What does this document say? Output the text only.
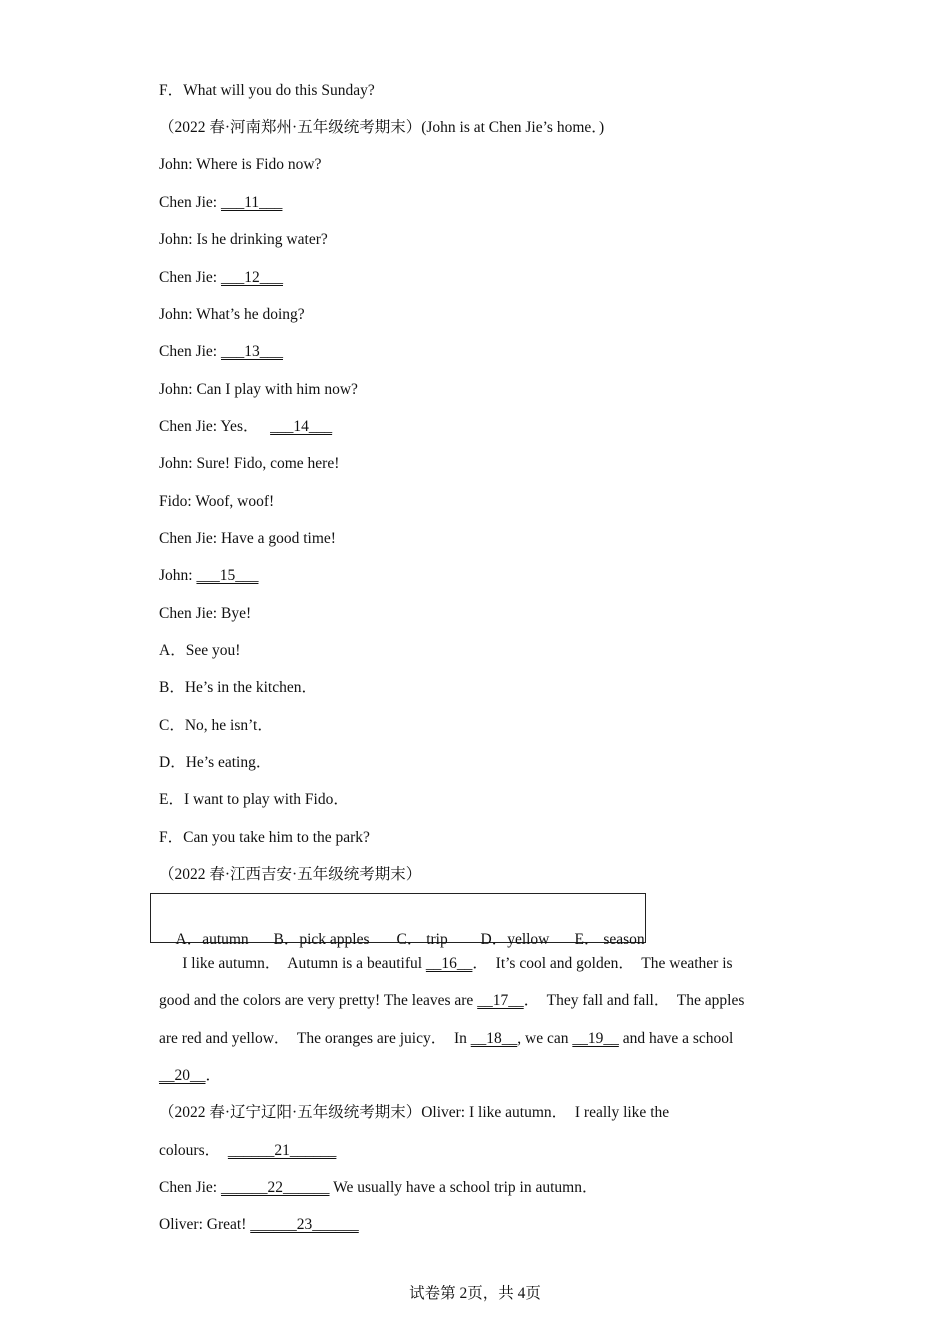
F．What will you do this Sunday?
（2022 春·河南郑州·五年级统考期末）(John is at Chen Jie’s home．)
John: Where is Fido now?
Chen Jie: ___11___
John: Is he drinking water?
Chen Jie: ___12___
John: What’s he doing?
Chen Jie: ___13___
John: Can I play with him now?
Chen Jie: Yes．   ___14___
John: Sure! Fido, come here!
Fido: Woof, woof!
Chen Jie: Have a good time!
John: ___15___
Chen Jie: Bye!
A．See you!
B．He’s in the kitchen．
C．No, he isn’t．
D．He’s eating．
E．I want to play with Fido．
F．Can you take him to the park?
（2022 春·江西吉安·五年级统考期末）

A．autumn B．pick apples C． trip D．yellow E． season

I like autumn．  Autumn is a beautiful __16__．  It’s cool and golden．  The weather is
good and the colors are very pretty! The leaves are __17__．  They fall and fall．  The apples
are red and yellow．  The oranges are juicy．  In __18__, we can __19__ and have a school
__20__．
（2022 春·辽宁辽阳·五年级统考期末）Oliver: I like autumn．  I really like the
colours．  ______21______
Chen Jie: ______22______ We usually have a school trip in autumn．
Oliver: Great! ______23______
试卷第 2页，共 4页
